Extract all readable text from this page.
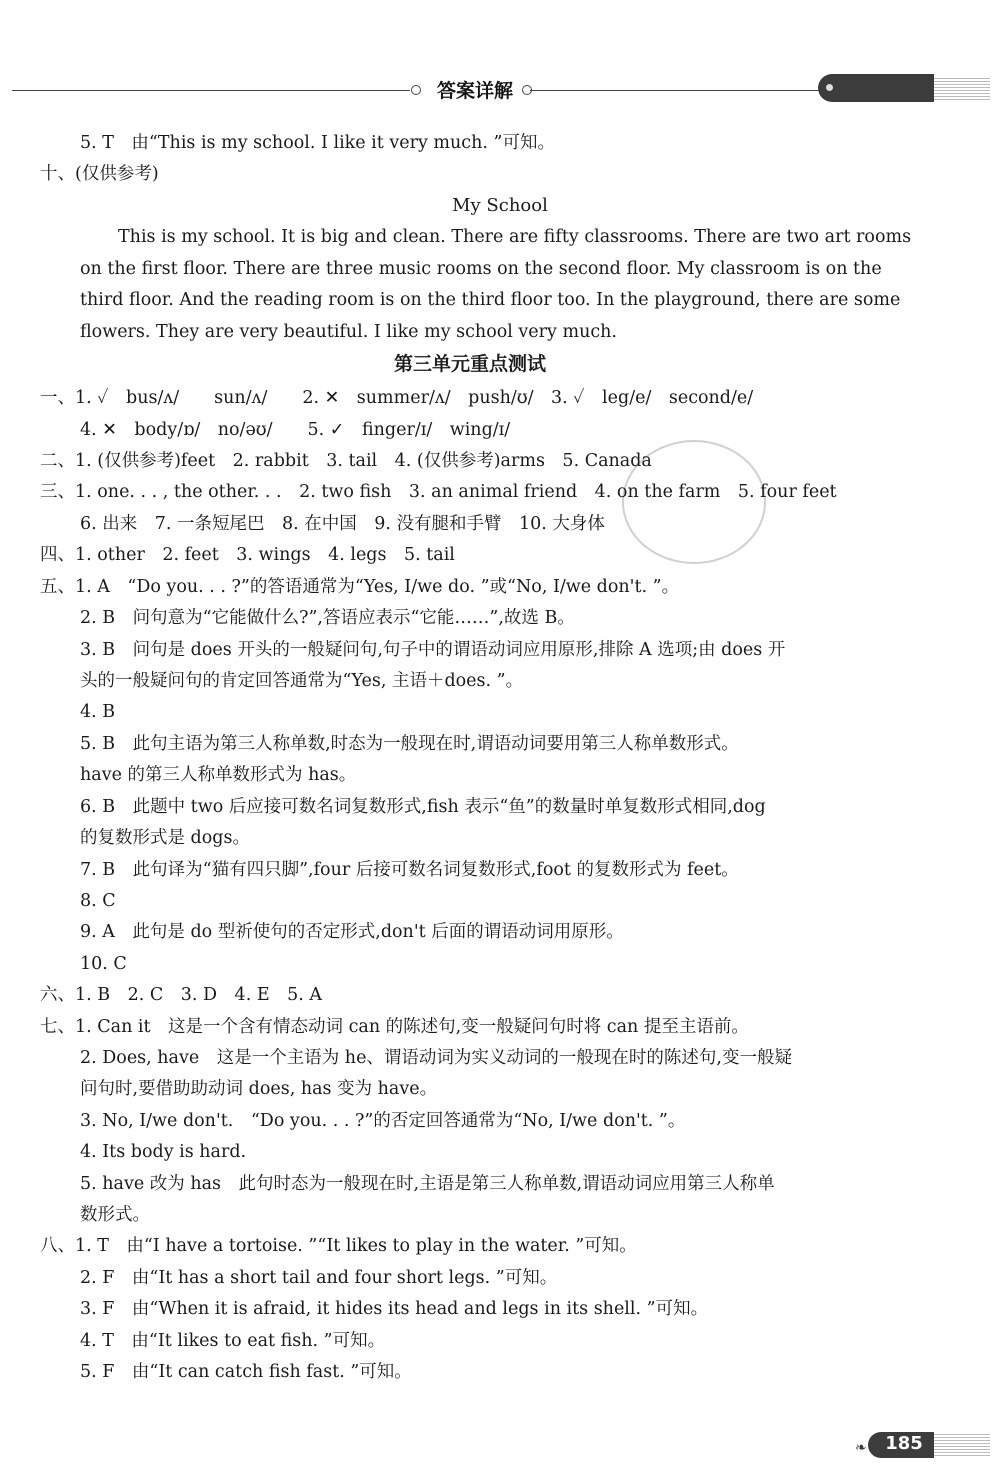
答案详解
5. T　由“This is my school. I like it very much. ”可知。
十、(仅供参考)
My School
This is my school. It is big and clean. There are fifty classrooms. There are two art rooms
on the first floor. There are three music rooms on the second floor. My classroom is on the
third floor. And the reading room is on the third floor too. In the playground, there are some
flowers. They are very beautiful. I like my school very much.
第三单元重点测试
一、1. ✓　bus/ʌ/　　sun/ʌ/　　2. ✕　summer/ʌ/　push/ʊ/　3. ✓　leg/e/　second/e/
4. ✕　body/ɒ/　no/əʊ/　　5. ✓　finger/ɪ/　wing/ɪ/
二、1. (仅供参考)feet　2. rabbit　3. tail　4. (仅供参考)arms　5. Canada
三、1. one. . . , the other. . .　2. two fish　3. an animal friend　4. on the farm　5. four feet
6. 出来　7. 一条短尾巴　8. 在中国　9. 没有腿和手臂　10. 大身体
四、1. other　2. feet　3. wings　4. legs　5. tail
五、1. A　“Do you. . . ?”的答语通常为“Yes, I/we do. ”或“No, I/we don't. ”。
2. B　问句意为“它能做什么?”,答语应表示“它能……”,故选 B。
3. B　问句是 does 开头的一般疑问句,句子中的谓语动词应用原形,排除 A 选项;由 does 开
头的一般疑问句的肯定回答通常为“Yes, 主语＋does. ”。
4. B
5. B　此句主语为第三人称单数,时态为一般现在时,谓语动词要用第三人称单数形式。
have 的第三人称单数形式为 has。
6. B　此题中 two 后应接可数名词复数形式,fish 表示“鱼”的数量时单复数形式相同,dog
的复数形式是 dogs。
7. B　此句译为“猫有四只脚”,four 后接可数名词复数形式,foot 的复数形式为 feet。
8. C
9. A　此句是 do 型祈使句的否定形式,don't 后面的谓语动词用原形。
10. C
六、1. B　2. C　3. D　4. E　5. A
七、1. Can it　这是一个含有情态动词 can 的陈述句,变一般疑问句时将 can 提至主语前。
2. Does, have　这是一个主语为 he、谓语动词为实义动词的一般现在时的陈述句,变一般疑
问句时,要借助助动词 does, has 变为 have。
3. No, I/we don't.　“Do you. . . ?”的否定回答通常为“No, I/we don't. ”。
4. Its body is hard.
5. have 改为 has　此句时态为一般现在时,主语是第三人称单数,谓语动词应用第三人称单
数形式。
八、1. T　由“I have a tortoise. ”“It likes to play in the water. ”可知。
2. F　由“It has a short tail and four short legs. ”可知。
3. F　由“When it is afraid, it hides its head and legs in its shell. ”可知。
4. T　由“It likes to eat fish. ”可知。
5. F　由“It can catch fish fast. ”可知。
❧	185
